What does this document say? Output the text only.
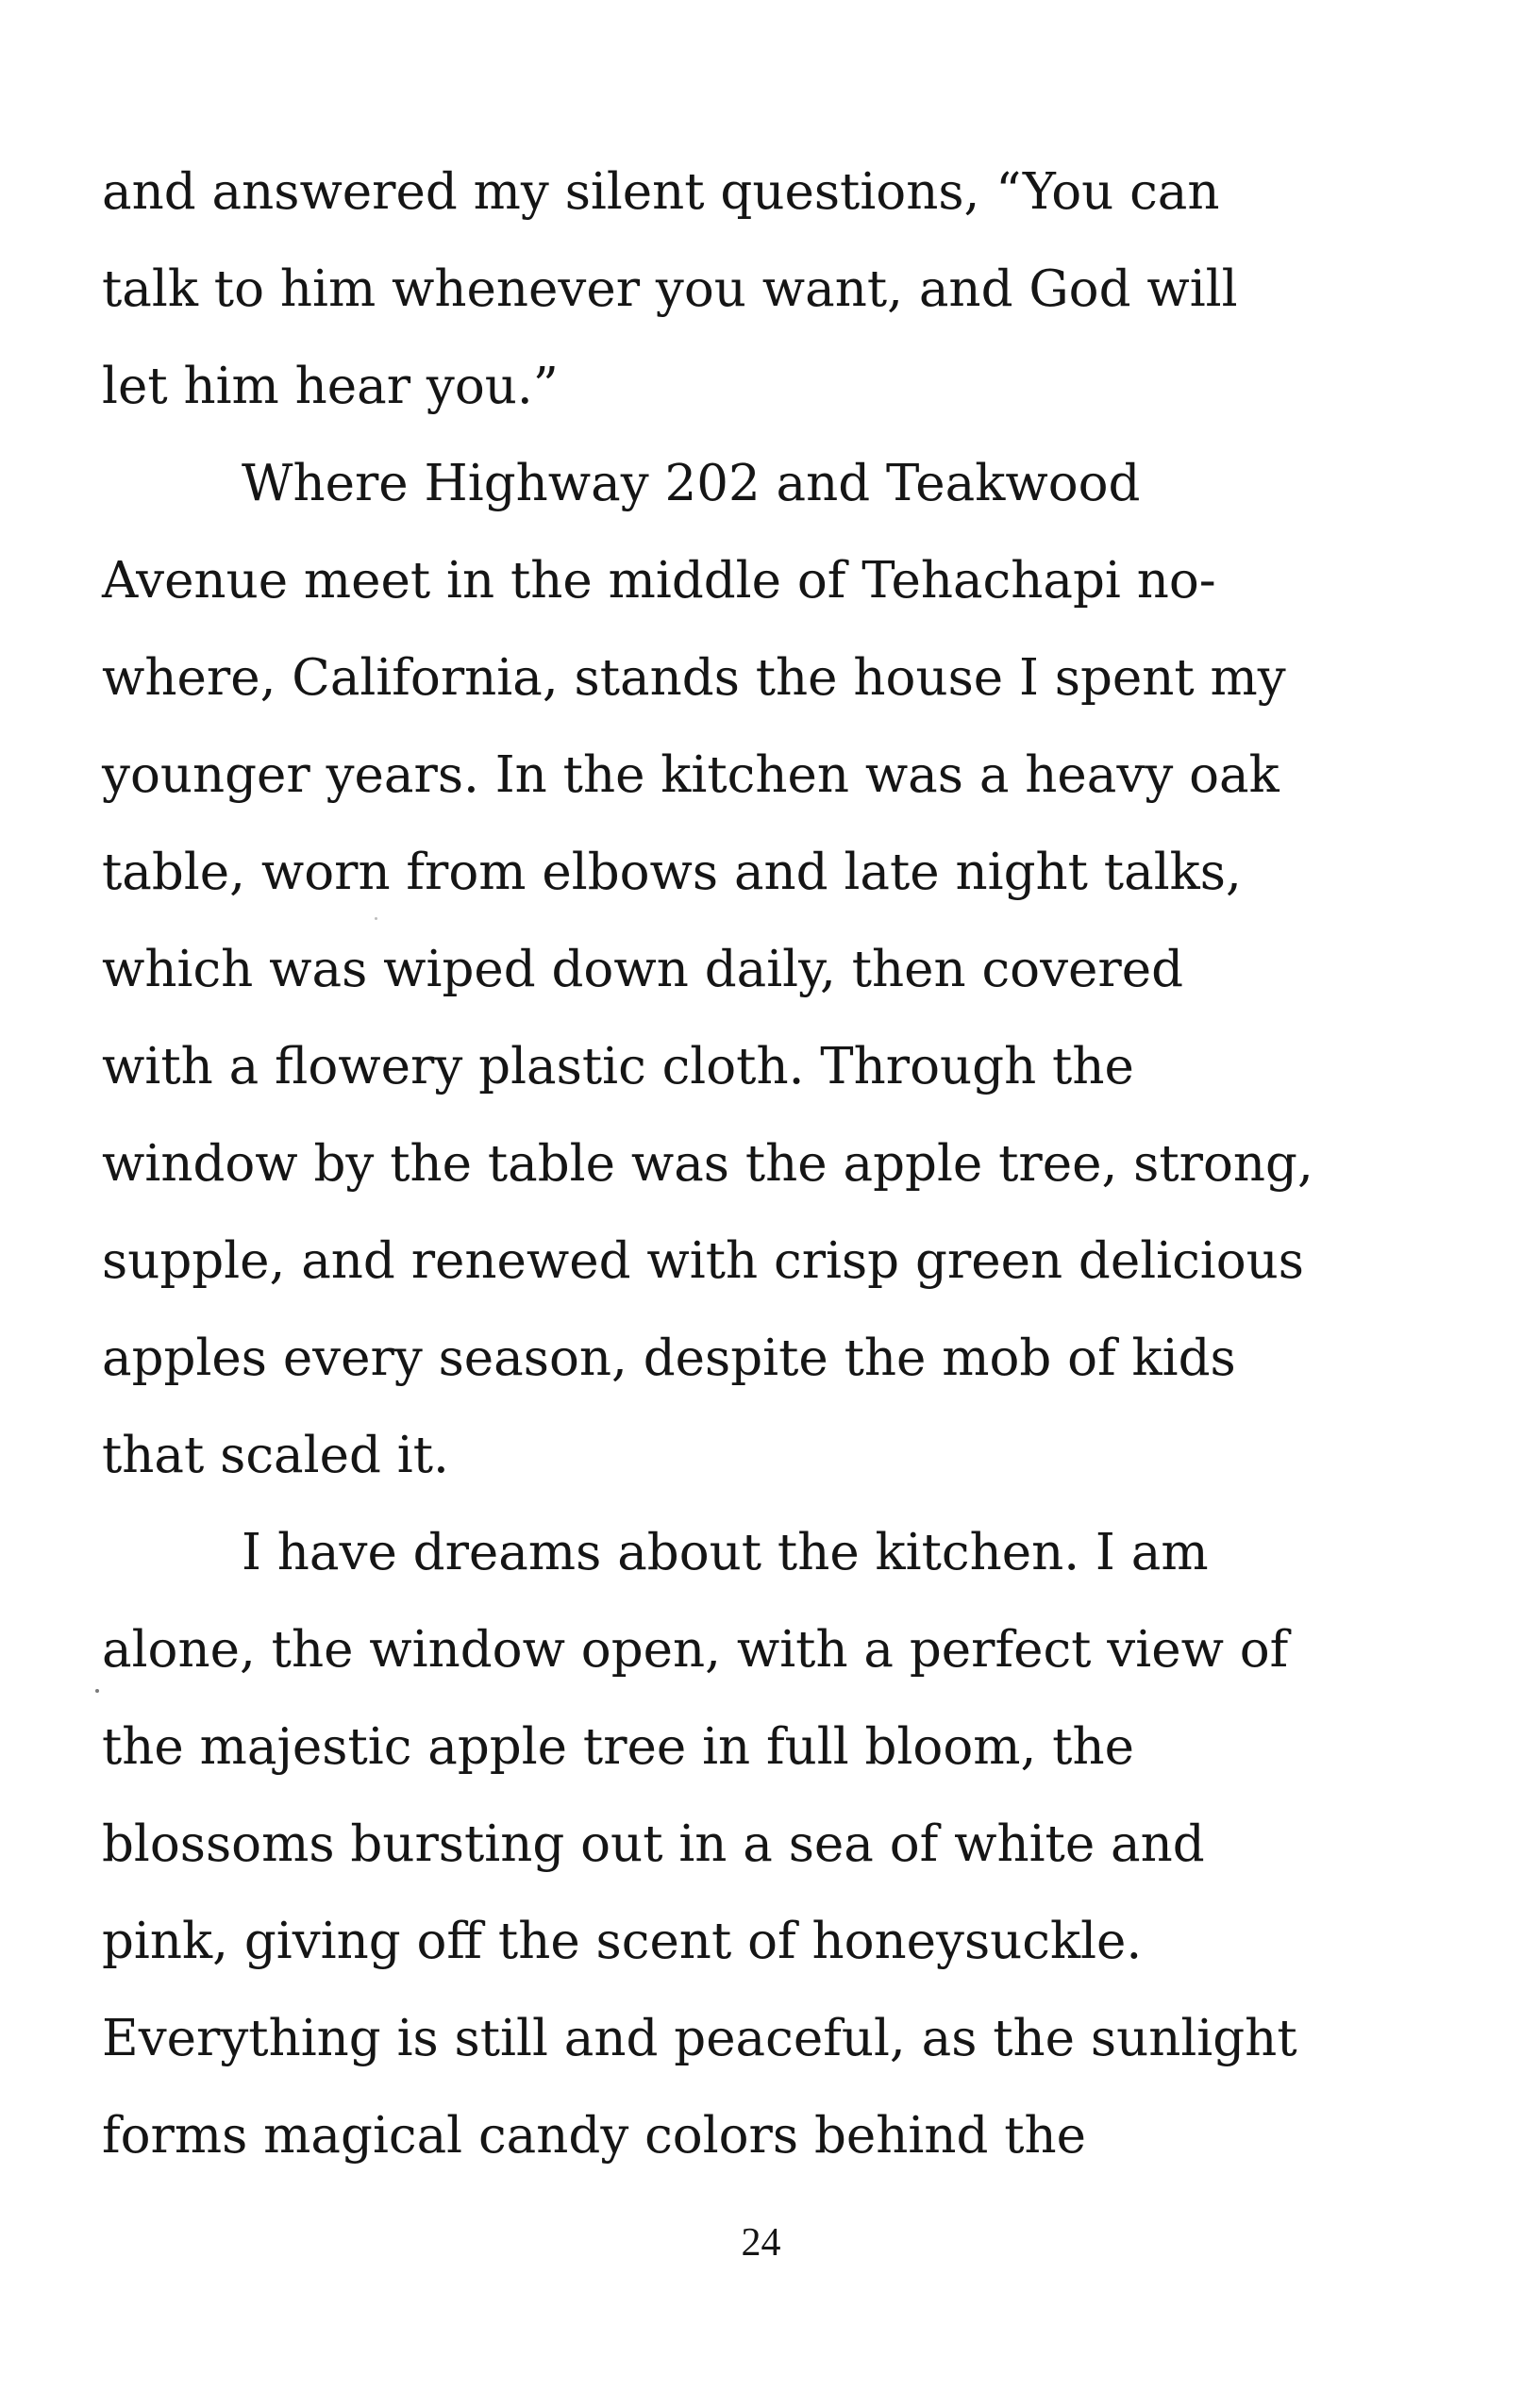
and answered my silent questions, “You can
talk to him whenever you want, and God will
let him hear you.”
Where Highway 202 and Teakwood
Avenue meet in the middle of Tehachapi no-
where, California, stands the house I spent my
younger years. In the kitchen was a heavy oak
table, worn from elbows and late night talks,
which was wiped down daily, then covered
with a flowery plastic cloth. Through the
window by the table was the apple tree, strong,
supple, and renewed with crisp green delicious
apples every season, despite the mob of kids
that scaled it.
I have dreams about the kitchen. I am
alone, the window open, with a perfect view of
the majestic apple tree in full bloom, the
blossoms bursting out in a sea of white and
pink, giving off the scent of honeysuckle.
Everything is still and peaceful, as the sunlight
forms magical candy colors behind the
24
